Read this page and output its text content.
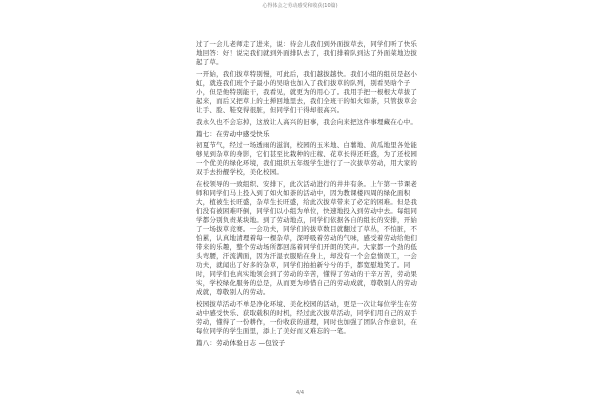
心得体会之劳动感受和收获(10篇)

过了一会儿老师走了进来，说：待会儿我们到外面拔草去，同学们听了快乐地回答：好！说完我们就到外面排队去了，我们排着队到达了外面菜地边拔起了草。

一开始，我们拔草特别慢，可此后，我们越拔越快。我们小组的组员是赵小虹，就连我们班个子最小的吴晗也加入了我们拔草的队列，别看吴晗个子小，但是他特别能干，我看见，就更为的用心了。我用手把一根根大草拔了起来，而后又把草上的土掸回地里去，我们全班干的如火如荼，只管拔草会让手、脸、鞋变得很脏，但同学们干得却很高兴。

我永久也不会忘掉，这放让人高兴的旧事，我会向来把这件事埋藏在心中。

篇七：在劳动中感受快乐

初夏节气，经过一场透雨的滋润，校园的玉米地、白薯地、黄瓜地里各处能够见到杂草的身影，它们甚至比栽种的庄稼、花草长得还旺盛，为了还校园一个优美的绿化环境，我们组织五年级学生进行了一次拔草劳动，用大家的双手去扮靓学校，美化校园。

在校领导的一致组织、安排下，此次活动进行的井井有条。上午第一节课老师和同学们马上投入到了如火如荼的活动中，因为教课楼四周的绿化面积大，植被生长旺盛，杂草生长旺盛，给此次拔草带来了必定的困难。但是我们没有被困难吓倒，同学们以小组为单位，快速地投入到劳动中去。每组同学都分别负责某块地。到了劳动地点，同学们依据各自的组长的安排，开始了一场拔草竞赛。一会功夫，同学们的拔草数目就翻过了草丛，不怕脏，不怕累，认真地清理着每一棵杂草，深呼吸着劳动的气味，感受着劳动给他们带来的乐趣，整个劳动场所都回荡着同学们开朗的笑声。大家都一个劲的低头弯腰，汗流满面，因为汗湿衣服贴在身上，却没有一个会怠惰误工，一会功夫，就闻出了好多的杂草，同学们拍拍新兮兮的手，都宽慰地笑了。同时，同学们也真实地领会到了劳动的辛苦，懂得了劳动的干辛万苦，劳动果实，学校绿化服务的总是，从而更为珍惜自己的劳动成就，尊敬别人的劳动成就，尊敬别人的劳动。

校园拔草活动不单是净化环境、美化校园的活动，更是一次让每位学生在劳动中感受快乐、获取载积的时机，经过此次拔草活动，同学们用自己的双手劳动，懂得了一份耕作，一份收获的道理，同时也加强了团队合作意识，在每位同学的学生面里，添上了美好而又难忘的一笔。

篇八：劳动体验日志 —包饺子

4/4
